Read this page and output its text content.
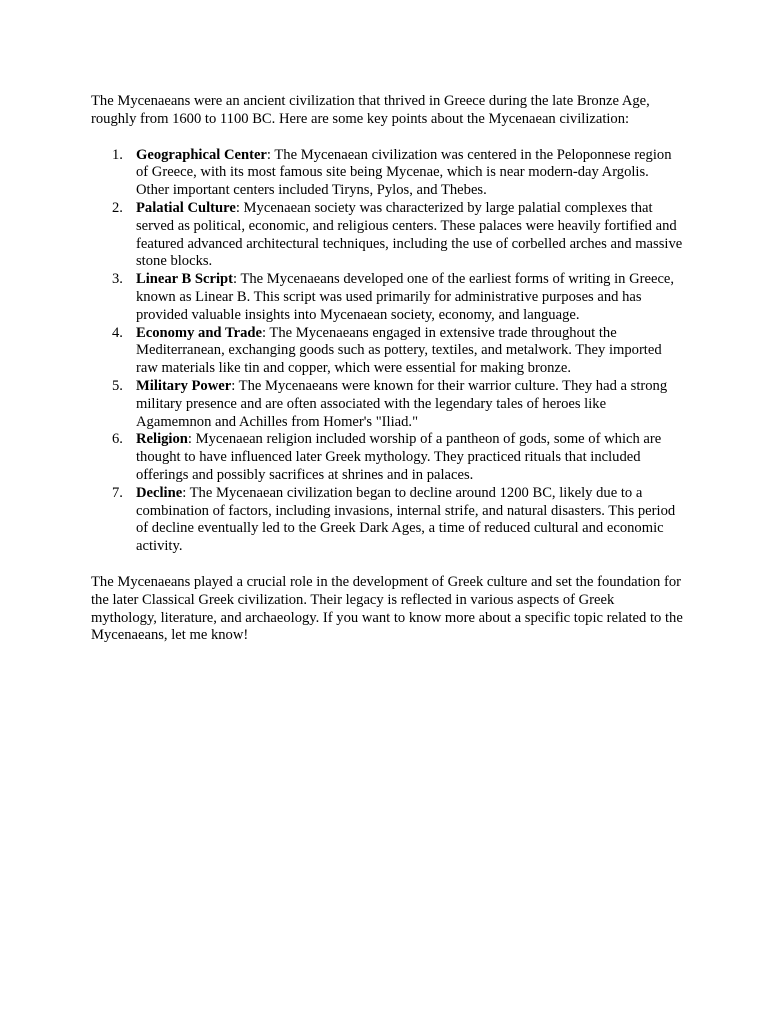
The Mycenaeans were an ancient civilization that thrived in Greece during the late Bronze Age, roughly from 1600 to 1100 BC. Here are some key points about the Mycenaean civilization:

1. Geographical Center: The Mycenaean civilization was centered in the Peloponnese region of Greece, with its most famous site being Mycenae, which is near modern-day Argolis. Other important centers included Tiryns, Pylos, and Thebes.
2. Palatial Culture: Mycenaean society was characterized by large palatial complexes that served as political, economic, and religious centers. These palaces were heavily fortified and featured advanced architectural techniques, including the use of corbelled arches and massive stone blocks.
3. Linear B Script: The Mycenaeans developed one of the earliest forms of writing in Greece, known as Linear B. This script was used primarily for administrative purposes and has provided valuable insights into Mycenaean society, economy, and language.
4. Economy and Trade: The Mycenaeans engaged in extensive trade throughout the Mediterranean, exchanging goods such as pottery, textiles, and metalwork. They imported raw materials like tin and copper, which were essential for making bronze.
5. Military Power: The Mycenaeans were known for their warrior culture. They had a strong military presence and are often associated with the legendary tales of heroes like Agamemnon and Achilles from Homer's "Iliad."
6. Religion: Mycenaean religion included worship of a pantheon of gods, some of which are thought to have influenced later Greek mythology. They practiced rituals that included offerings and possibly sacrifices at shrines and in palaces.
7. Decline: The Mycenaean civilization began to decline around 1200 BC, likely due to a combination of factors, including invasions, internal strife, and natural disasters. This period of decline eventually led to the Greek Dark Ages, a time of reduced cultural and economic activity.

The Mycenaeans played a crucial role in the development of Greek culture and set the foundation for the later Classical Greek civilization. Their legacy is reflected in various aspects of Greek mythology, literature, and archaeology. If you want to know more about a specific topic related to the Mycenaeans, let me know!
